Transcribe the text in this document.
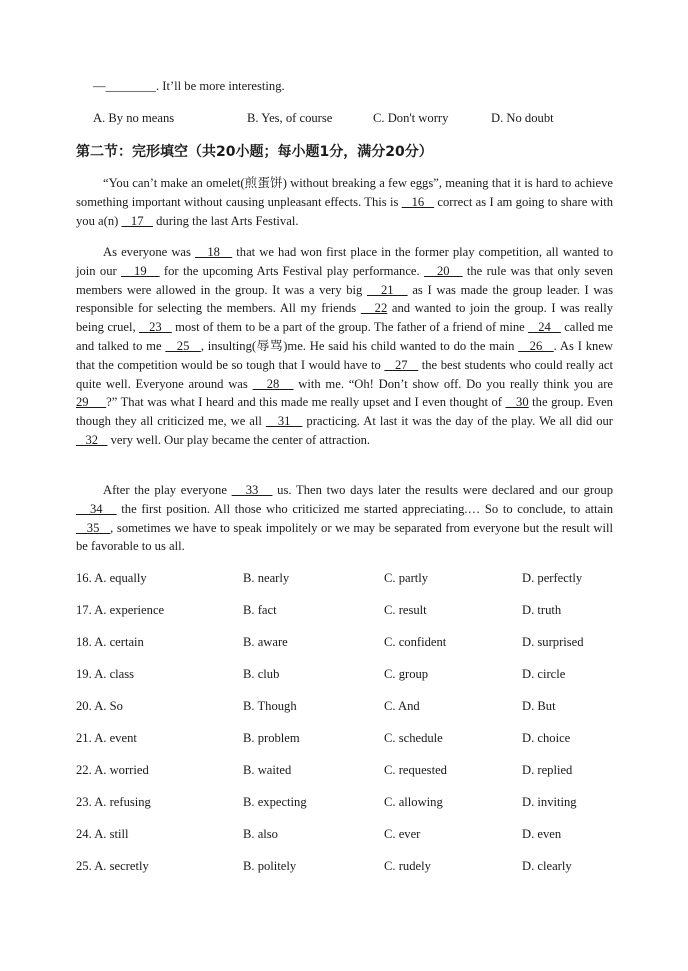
—________. It’ll be more interesting.
A. By no means	B. Yes, of course	C. Don't worry	D. No doubt
第二节：完形填空（共20小题；每小题1分，满分20分）

“You can’t make an omelet(煎蛋饼) without breaking a few eggs”, meaning that it is hard to achieve something important without causing unpleasant effects. This is    16    correct as I am going to share with you a(n)    17    during the last Arts Festival.

As everyone was    18    that we had won first place in the former play competition, all wanted to join our    19    for the upcoming Arts Festival play performance.    20    the rule was that only seven members were allowed in the group. It was a very big    21    as I was made the group leader. I was responsible for selecting the members. All my friends    22 and wanted to join the group. I was really being cruel,    23    most of them to be a part of the group. The father of a friend of mine    24    called me and talked to me    25   , insulting(辱骂)me. He said his child wanted to do the main    26   . As I knew that the competition would be so tough that I would have to    27    the best students who could really act quite well. Everyone around was    28    with me. “Oh! Don’t show off. Do you really think you are 29     ?” That was what I heard and this made me really upset and I even thought of    30 the group. Even though they all criticized me, we all    31    practicing. At last it was the day of the play. We all did our    32    very well. Our play became the center of attraction.

After the play everyone    33    us. Then two days later the results were declared and our group    34    the first position. All those who criticized me started appreciating.… So to conclude, to attain    35   , sometimes we have to speak impolitely or we may be separated from everyone but the result will be favorable to us all.

16. A. equally	B. nearly	C. partly	D. perfectly
17. A. experience	B. fact	C. result	D. truth
18. A. certain	B. aware	C. confident	D. surprised
19. A. class	B. club	C. group	D. circle
20. A. So	B. Though	C. And	D. But
21. A. event	B. problem	C. schedule	D. choice
22. A. worried	B. waited	C. requested	D. replied
23. A. refusing	B. expecting	C. allowing	D. inviting
24. A. still	B. also	C. ever	D. even
25. A. secretly	B. politely	C. rudely	D. clearly
